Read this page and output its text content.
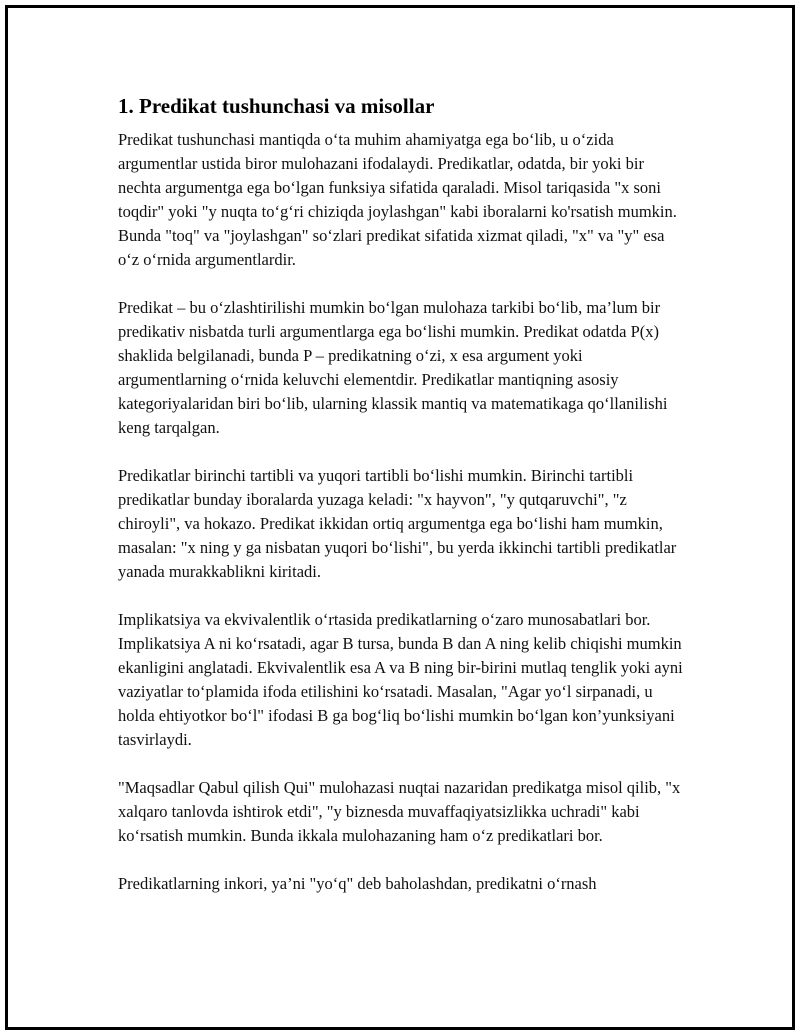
1. Predikat tushunchasi va misollar

Predikat tushunchasi mantiqda o‘ta muhim ahamiyatga ega bo‘lib, u o‘zida argumentlar ustida biror mulohazani ifodalaydi. Predikatlar, odatda, bir yoki bir nechta argumentga ega bo‘lgan funksiya sifatida qaraladi. Misol tariqasida "x soni toqdir" yoki "y nuqta to‘g‘ri chiziqda joylashgan" kabi iboralarni ko'rsatish mumkin. Bunda "toq" va "joylashgan" so‘zlari predikat sifatida xizmat qiladi, "x" va "y" esa o‘z o‘rnida argumentlardir.

Predikat – bu o‘zlashtirilishi mumkin bo‘lgan mulohaza tarkibi bo‘lib, ma’lum bir predikativ nisbatda turli argumentlarga ega bo‘lishi mumkin. Predikat odatda P(x) shaklida belgilanadi, bunda P – predikatning o‘zi, x esa argument yoki argumentlarning o‘rnida keluvchi elementdir. Predikatlar mantiqning asosiy kategoriyalaridan biri bo‘lib, ularning klassik mantiq va matematikaga qo‘llanilishi keng tarqalgan.

Predikatlar birinchi tartibli va yuqori tartibli bo‘lishi mumkin. Birinchi tartibli predikatlar bunday iboralarda yuzaga keladi: "x hayvon", "y qutqaruvchi", "z chiroyli", va hokazo. Predikat ikkidan ortiq argumentga ega bo‘lishi ham mumkin, masalan: "x ning y ga nisbatan yuqori bo‘lishi", bu yerda ikkinchi tartibli predikatlar yanada murakkablikni kiritadi.

Implikatsiya va ekvivalentlik o‘rtasida predikatlarning o‘zaro munosabatlari bor. Implikatsiya A ni ko‘rsatadi, agar B tursa, bunda B dan A ning kelib chiqishi mumkin ekanligini anglatadi. Ekvivalentlik esa A va B ning bir-birini mutlaq tenglik yoki ayni vaziyatlar to‘plamida ifoda etilishini ko‘rsatadi. Masalan, "Agar yo‘l sirpanadi, u holda ehtiyotkor bo‘l" ifodasi B ga bog‘liq bo‘lishi mumkin bo‘lgan kon’yunksiyani tasvirlaydi.

"Maqsadlar Qabul qilish Qui" mulohazasi nuqtai nazaridan predikatga misol qilib, "x xalqaro tanlovda ishtirok etdi", "y biznesda muvaffaqiyatsizlikka uchradi" kabi ko‘rsatish mumkin. Bunda ikkala mulohazaning ham o‘z predikatlari bor.

Predikatlarning inkori, ya’ni "yo‘q" deb baholashdan, predikatni o‘rnash
